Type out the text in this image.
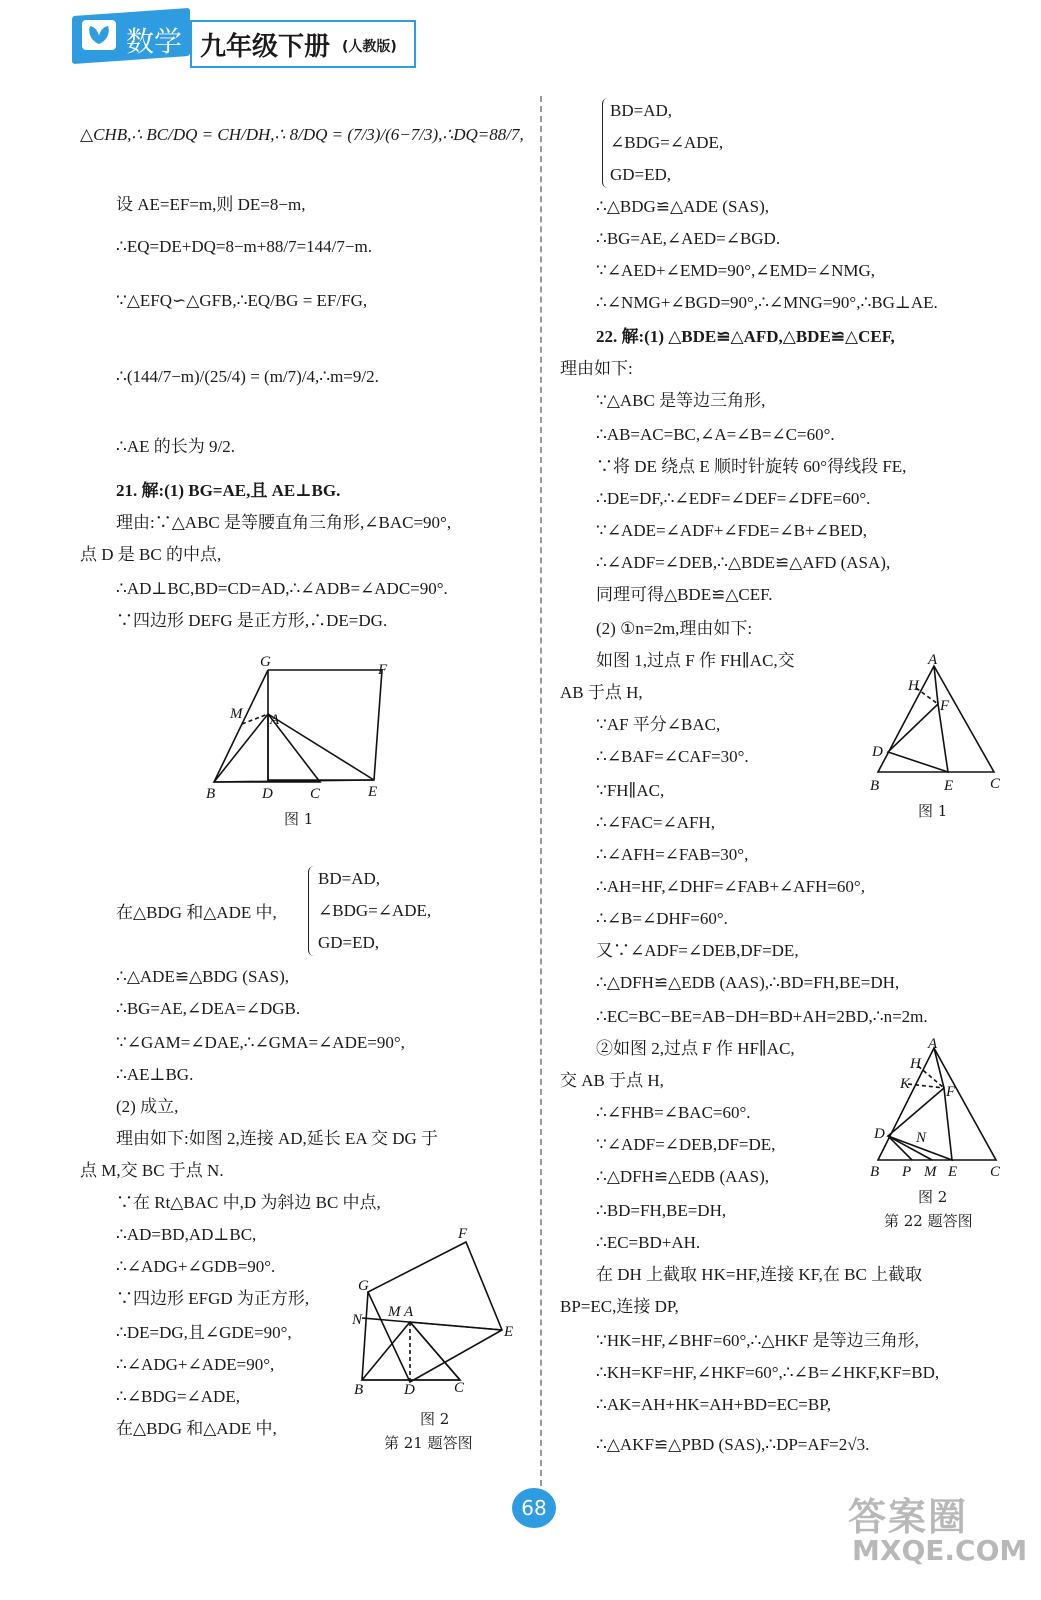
数学 九年级下册 (人教版)
△CHB,∴ BC/DQ = CH/DH,∴ 8/DQ = (7/3)/(6−7/3),∴DQ=88/7,
设 AE=EF=m,则 DE=8−m,
∴EQ=DE+DQ=8−m+88/7=144/7−m.
∵△EFQ∽△GFB,∴EQ/BG = EF/FG,
∴(144/7−m)/(25/4) = (m/7)/4,∴m=9/2.
∴AE 的长为 9/2.
21. 解:(1) BG=AE,且 AE⊥BG.
理由:∵△ABC 是等腰直角三角形,∠BAC=90°,
点 D 是 BC 的中点,
∴AD⊥BC,BD=CD=AD,∴∠ADB=∠ADC=90°.
∵四边形 DEFG 是正方形,∴DE=DG.
G	F
M A
B	D C	E
图 1
在△BDG 和△ADE 中,
BD=AD,
∠BDG=∠ADE,
GD=ED,
∴△ADE≌△BDG (SAS),
∴BG=AE,∠DEA=∠DGB.
∵∠GAM=∠DAE,∴∠GMA=∠ADE=90°,
∴AE⊥BG.
(2) 成立,
理由如下:如图 2,连接 AD,延长 EA 交 DG 于
点 M,交 BC 于点 N.
∵在 Rt△BAC 中,D 为斜边 BC 中点,
∴AD=BD,AD⊥BC,
∴∠ADG+∠GDB=90°.
∵四边形 EFGD 为正方形,
∴DE=DG,且∠GDE=90°,
∴∠ADG+∠ADE=90°,
∴∠BDG=∠ADE,
在△BDG 和△ADE 中,
G
F
N M A
E
B	D	C
图 2
第 21 题答图
BD=AD,
∠BDG=∠ADE,
GD=ED,
∴△BDG≌△ADE (SAS),
∴BG=AE,∠AED=∠BGD.
∵∠AED+∠EMD=90°,∠EMD=∠NMG,
∴∠NMG+∠BGD=90°,∴∠MNG=90°,∴BG⊥AE.
22. 解:(1) △BDE≌△AFD,△BDE≌△CEF,
理由如下:
∵△ABC 是等边三角形,
∴AB=AC=BC,∠A=∠B=∠C=60°.
∵将 DE 绕点 E 顺时针旋转 60°得线段 FE,
∴DE=DF,∴∠EDF=∠DEF=∠DFE=60°.
∵∠ADE=∠ADF+∠FDE=∠B+∠BED,
∴∠ADF=∠DEB,∴△BDE≌△AFD (ASA),
同理可得△BDE≌△CEF.
(2) ①n=2m,理由如下:
如图 1,过点 F 作 FH∥AC,交
AB 于点 H,
∵AF 平分∠BAC,
∴∠BAF=∠CAF=30°.
∵FH∥AC,
∴∠FAC=∠AFH,
∴∠AFH=∠FAB=30°,
∴AH=HF,∠DHF=∠FAB+∠AFH=60°,
∴∠B=∠DHF=60°.
又∵∠ADF=∠DEB,DF=DE,
∴△DFH≌△EDB (AAS),∴BD=FH,BE=DH,
∴EC=BC−BE=AB−DH=BD+AH=2BD,∴n=2m.
②如图 2,过点 F 作 HF∥AC,
交 AB 于点 H,
∴∠FHB=∠BAC=60°.
∵∠ADF=∠DEB,DF=DE,
∴△DFH≌△EDB (AAS),
∴BD=FH,BE=DH,
∴EC=BD+AH.
在 DH 上截取 HK=HF,连接 KF,在 BC 上截取
BP=EC,连接 DP,
∵HK=HF,∠BHF=60°,∴△HKF 是等边三角形,
∴KH=KF=HF,∠HKF=60°,∴∠B=∠HKF,KF=BD,
∴AK=AH+HK=AH+BD=EC=BP,
∴△AKF≌△PBD (SAS),∴DP=AF=2√3.
A
H
F
D
B	E C
图 1
A
H
K F
D N
B P M E C
图 2
第 22 题答图
68	答案圈
MXQE.COM
